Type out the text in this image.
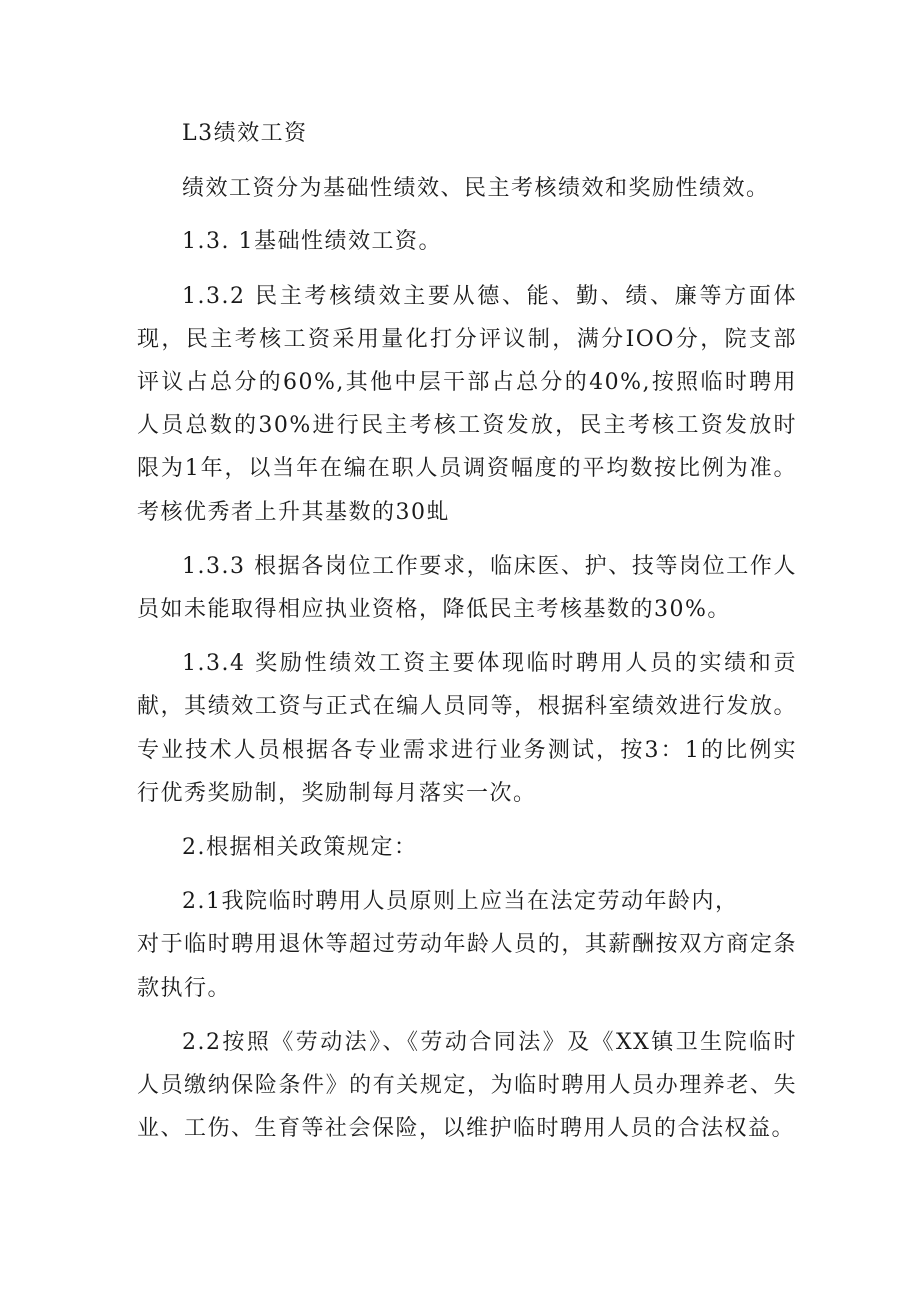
L3绩效工资

绩效工资分为基础性绩效、民主考核绩效和奖励性绩效。

1.3. 1基础性绩效工资。

1.3.2 民主考核绩效主要从德、能、勤、绩、廉等方面体现，民主考核工资采用量化打分评议制，满分IOO分，院支部评议占总分的60%,其他中层干部占总分的40%,按照临时聘用人员总数的30%进行民主考核工资发放，民主考核工资发放时限为1年，以当年在编在职人员调资幅度的平均数按比例为准。考核优秀者上升其基数的30虬

1.3.3 根据各岗位工作要求，临床医、护、技等岗位工作人员如未能取得相应执业资格，降低民主考核基数的30%。

1.3.4 奖励性绩效工资主要体现临时聘用人员的实绩和贡献，其绩效工资与正式在编人员同等，根据科室绩效进行发放。专业技术人员根据各专业需求进行业务测试，按3：1的比例实行优秀奖励制，奖励制每月落实一次。

2.根据相关政策规定：

2.1我院临时聘用人员原则上应当在法定劳动年龄内，

对于临时聘用退休等超过劳动年龄人员的，其薪酬按双方商定条款执行。

2.2按照《劳动法》、《劳动合同法》及《XX镇卫生院临时人员缴纳保险条件》的有关规定，为临时聘用人员办理养老、失业、工伤、生育等社会保险，以维护临时聘用人员的合法权益。
